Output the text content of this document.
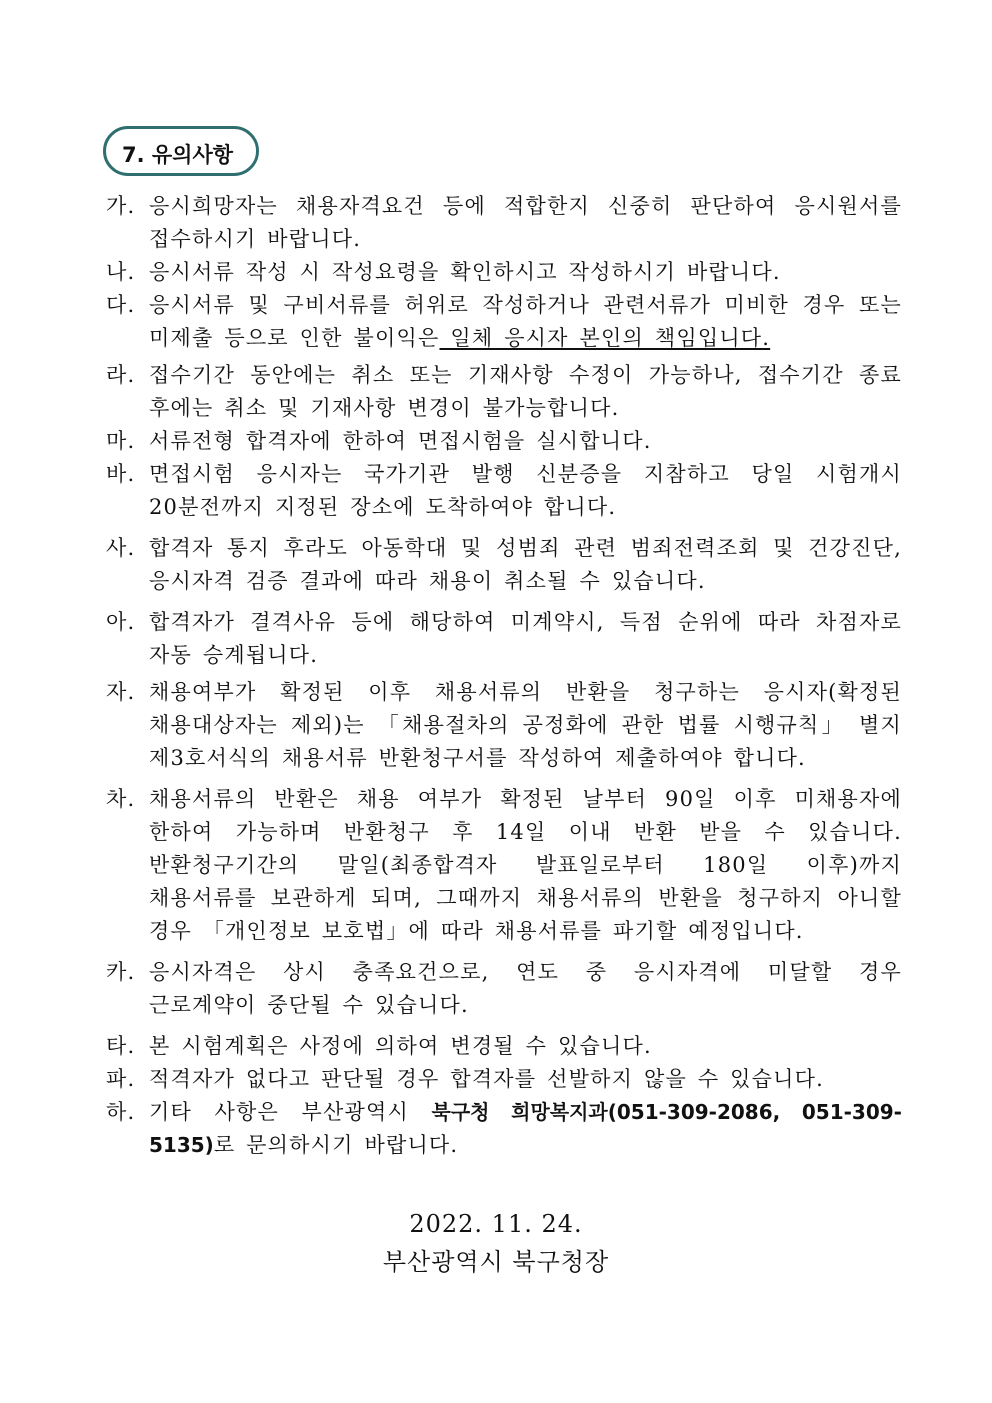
7. 유의사항
가. 응시희망자는 채용자격요건 등에 적합한지 신중히 판단하여 응시원서를 접수하시기 바랍니다.
나. 응시서류 작성 시 작성요령을 확인하시고 작성하시기 바랍니다.
다. 응시서류 및 구비서류를 허위로 작성하거나 관련서류가 미비한 경우 또는 미제출 등으로 인한 불이익은 일체 응시자 본인의 책임입니다.
라. 접수기간 동안에는 취소 또는 기재사항 수정이 가능하나, 접수기간 종료 후에는 취소 및 기재사항 변경이 불가능합니다.
마. 서류전형 합격자에 한하여 면접시험을 실시합니다.
바. 면접시험 응시자는 국가기관 발행 신분증을 지참하고 당일 시험개시 20분전까지 지정된 장소에 도착하여야 합니다.
사. 합격자 통지 후라도 아동학대 및 성범죄 관련 범죄전력조회 및 건강진단, 응시자격 검증 결과에 따라 채용이 취소될 수 있습니다.
아. 합격자가 결격사유 등에 해당하여 미계약시, 득점 순위에 따라 차점자로 자동 승계됩니다.
자. 채용여부가 확정된 이후 채용서류의 반환을 청구하는 응시자(확정된 채용대상자는 제외)는 「채용절차의 공정화에 관한 법률 시행규칙」 별지 제3호서식의 채용서류 반환청구서를 작성하여 제출하여야 합니다.
차. 채용서류의 반환은 채용 여부가 확정된 날부터 90일 이후 미채용자에 한하여 가능하며 반환청구 후 14일 이내 반환 받을 수 있습니다. 반환청구기간의 말일(최종합격자 발표일로부터 180일 이후)까지 채용서류를 보관하게 되며, 그때까지 채용서류의 반환을 청구하지 아니할 경우 「개인정보 보호법」에 따라 채용서류를 파기할 예정입니다.
카. 응시자격은 상시 충족요건으로, 연도 중 응시자격에 미달할 경우 근로계약이 중단될 수 있습니다.
타. 본 시험계획은 사정에 의하여 변경될 수 있습니다.
파. 적격자가 없다고 판단될 경우 합격자를 선발하지 않을 수 있습니다.
하. 기타 사항은 부산광역시 북구청 희망복지과(051-309-2086, 051-309-5135)로 문의하시기 바랍니다.
2022. 11. 24.
부산광역시 북구청장
